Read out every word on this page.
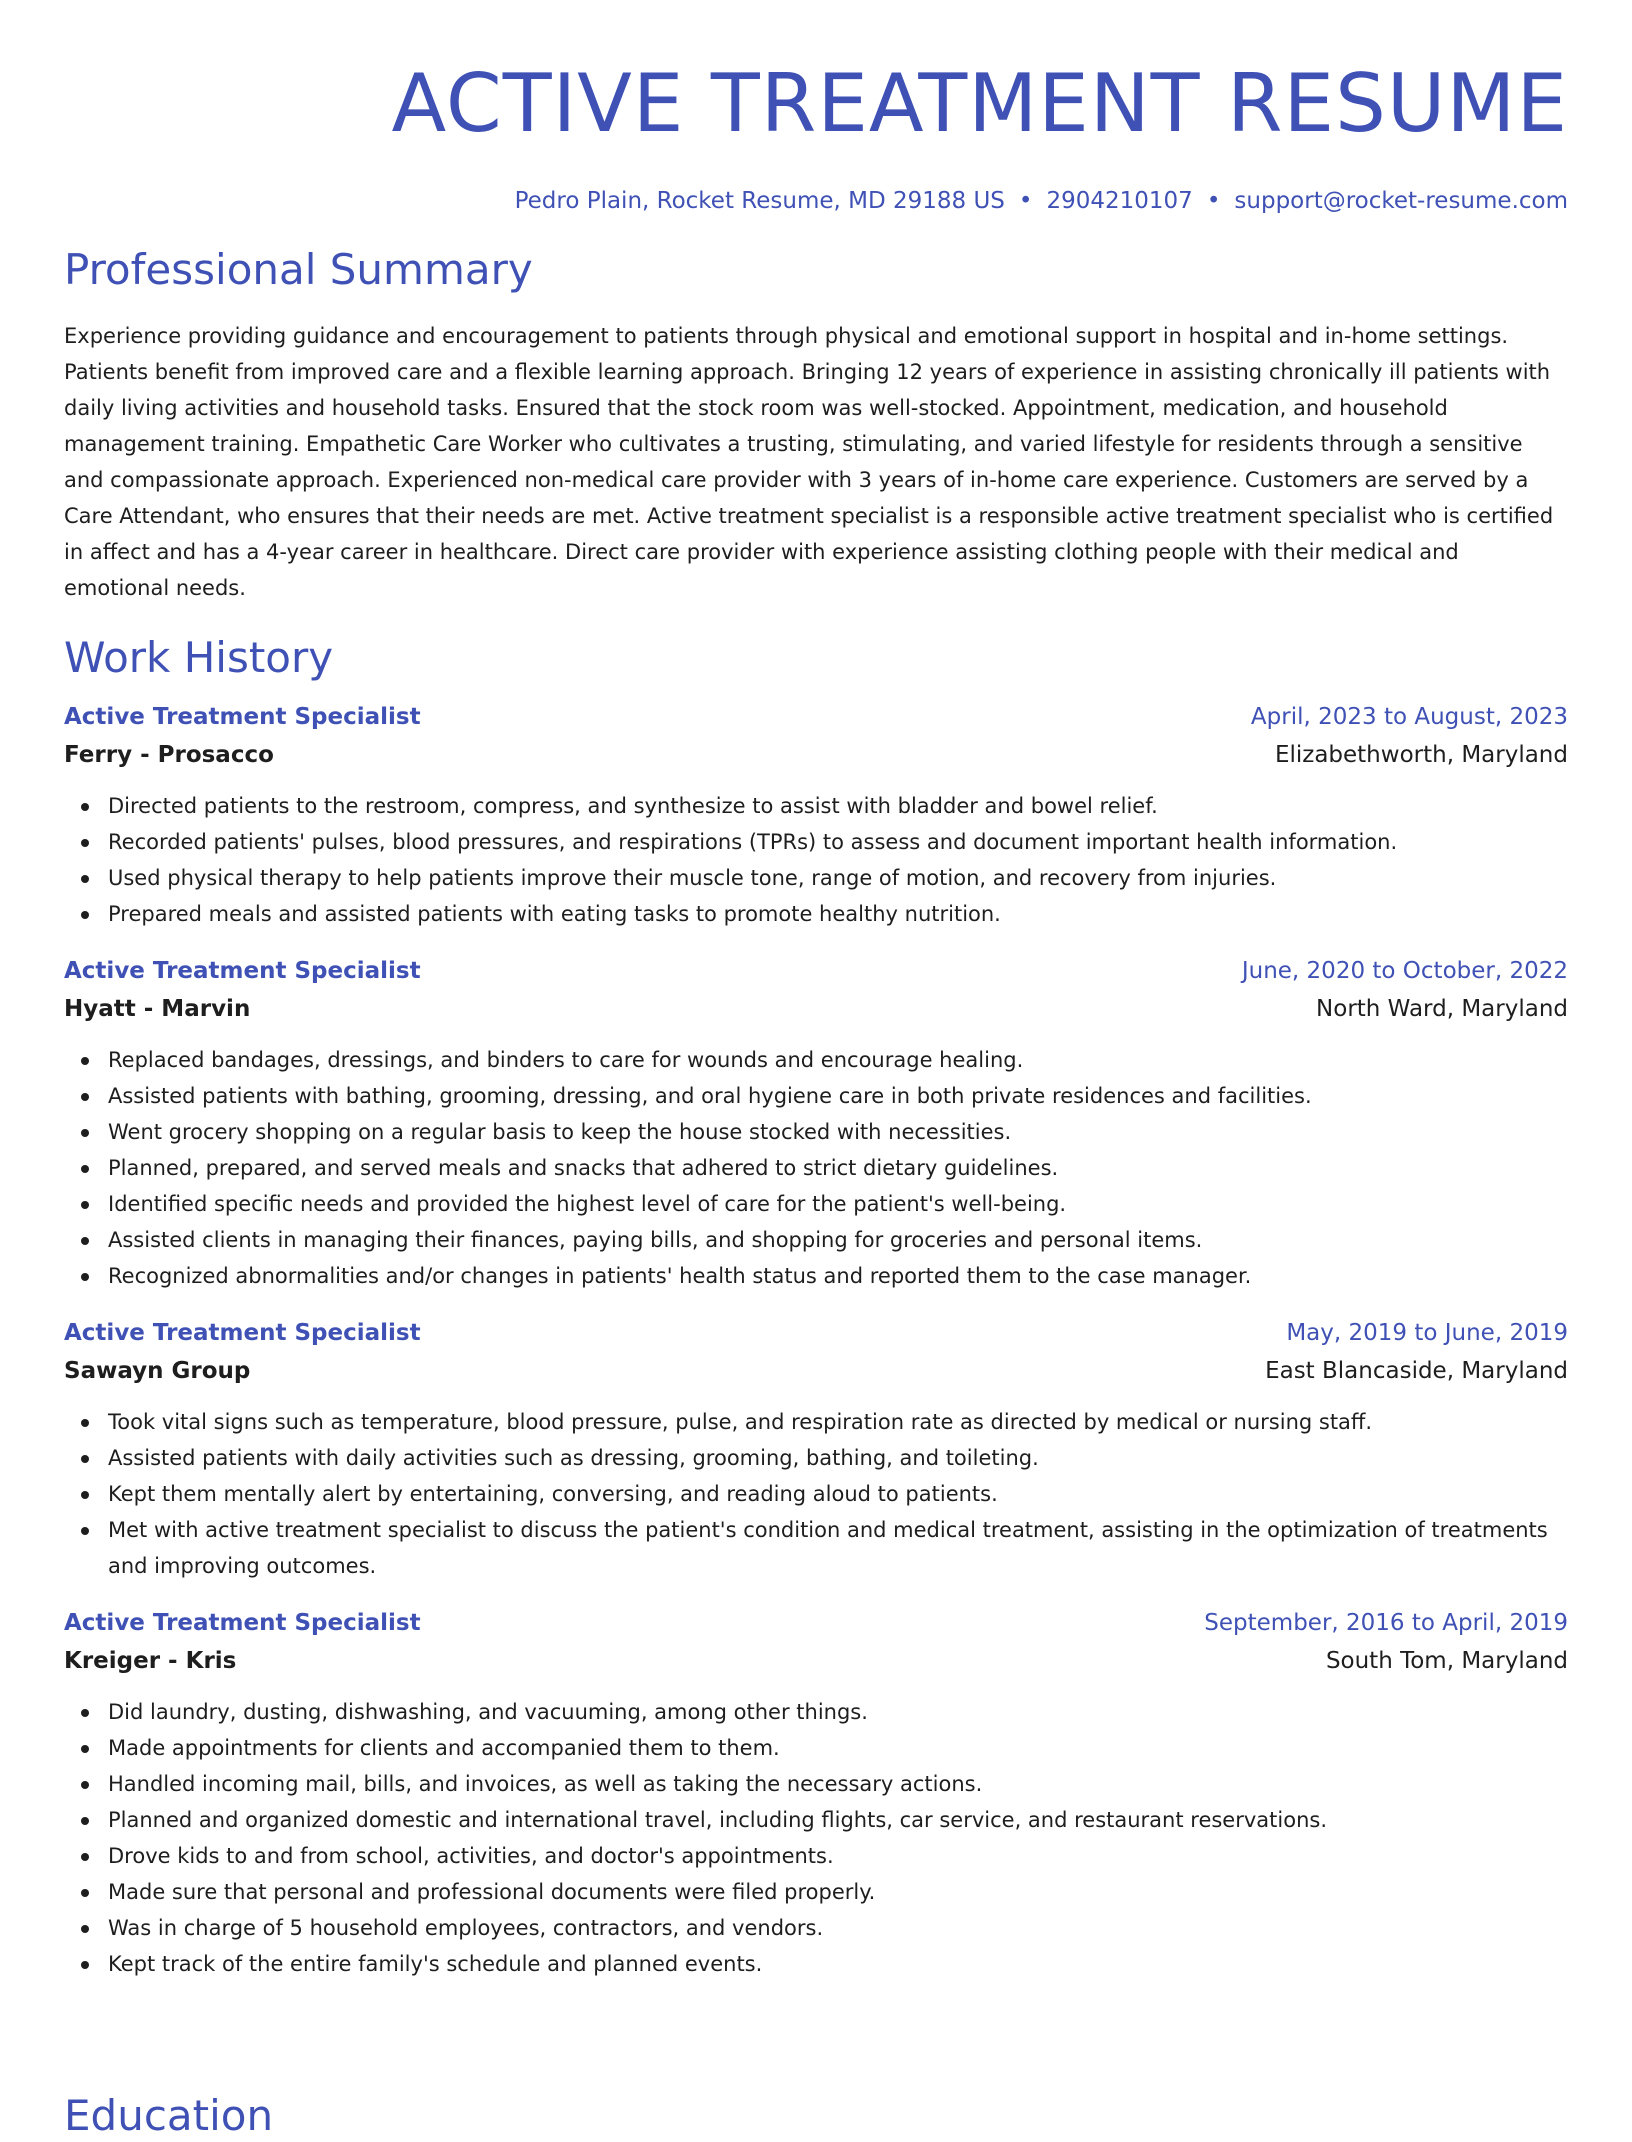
ACTIVE TREATMENT RESUME
Pedro Plain, Rocket Resume, MD 29188 US • 2904210107 • support@rocket-resume.com
Professional Summary

Experience providing guidance and encouragement to patients through physical and emotional support in hospital and in-home settings. Patients benefit from improved care and a flexible learning approach. Bringing 12 years of experience in assisting chronically ill patients with daily living activities and household tasks. Ensured that the stock room was well-stocked. Appointment, medication, and household management training. Empathetic Care Worker who cultivates a trusting, stimulating, and varied lifestyle for residents through a sensitive and compassionate approach. Experienced non-medical care provider with 3 years of in-home care experience. Customers are served by a Care Attendant, who ensures that their needs are met. Active treatment specialist is a responsible active treatment specialist who is certified in affect and has a 4-year career in healthcare. Direct care provider with experience assisting clothing people with their medical and emotional needs.

Work History
Active Treatment Specialist	April, 2023 to August, 2023
Ferry - Prosacco	Elizabethworth, Maryland
Directed patients to the restroom, compress, and synthesize to assist with bladder and bowel relief.
Recorded patients' pulses, blood pressures, and respirations (TPRs) to assess and document important health information.
Used physical therapy to help patients improve their muscle tone, range of motion, and recovery from injuries.
Prepared meals and assisted patients with eating tasks to promote healthy nutrition.
Active Treatment Specialist	June, 2020 to October, 2022
Hyatt - Marvin	North Ward, Maryland
Replaced bandages, dressings, and binders to care for wounds and encourage healing.
Assisted patients with bathing, grooming, dressing, and oral hygiene care in both private residences and facilities.
Went grocery shopping on a regular basis to keep the house stocked with necessities.
Planned, prepared, and served meals and snacks that adhered to strict dietary guidelines.
Identified specific needs and provided the highest level of care for the patient's well-being.
Assisted clients in managing their finances, paying bills, and shopping for groceries and personal items.
Recognized abnormalities and/or changes in patients' health status and reported them to the case manager.
Active Treatment Specialist	May, 2019 to June, 2019
Sawayn Group	East Blancaside, Maryland
Took vital signs such as temperature, blood pressure, pulse, and respiration rate as directed by medical or nursing staff.
Assisted patients with daily activities such as dressing, grooming, bathing, and toileting.
Kept them mentally alert by entertaining, conversing, and reading aloud to patients.
Met with active treatment specialist to discuss the patient's condition and medical treatment, assisting in the optimization of treatments and improving outcomes.
Active Treatment Specialist	September, 2016 to April, 2019
Kreiger - Kris	South Tom, Maryland
Did laundry, dusting, dishwashing, and vacuuming, among other things.
Made appointments for clients and accompanied them to them.
Handled incoming mail, bills, and invoices, as well as taking the necessary actions.
Planned and organized domestic and international travel, including flights, car service, and restaurant reservations.
Drove kids to and from school, activities, and doctor's appointments.
Made sure that personal and professional documents were filed properly.
Was in charge of 5 household employees, contractors, and vendors.
Kept track of the entire family's schedule and planned events.
Education
